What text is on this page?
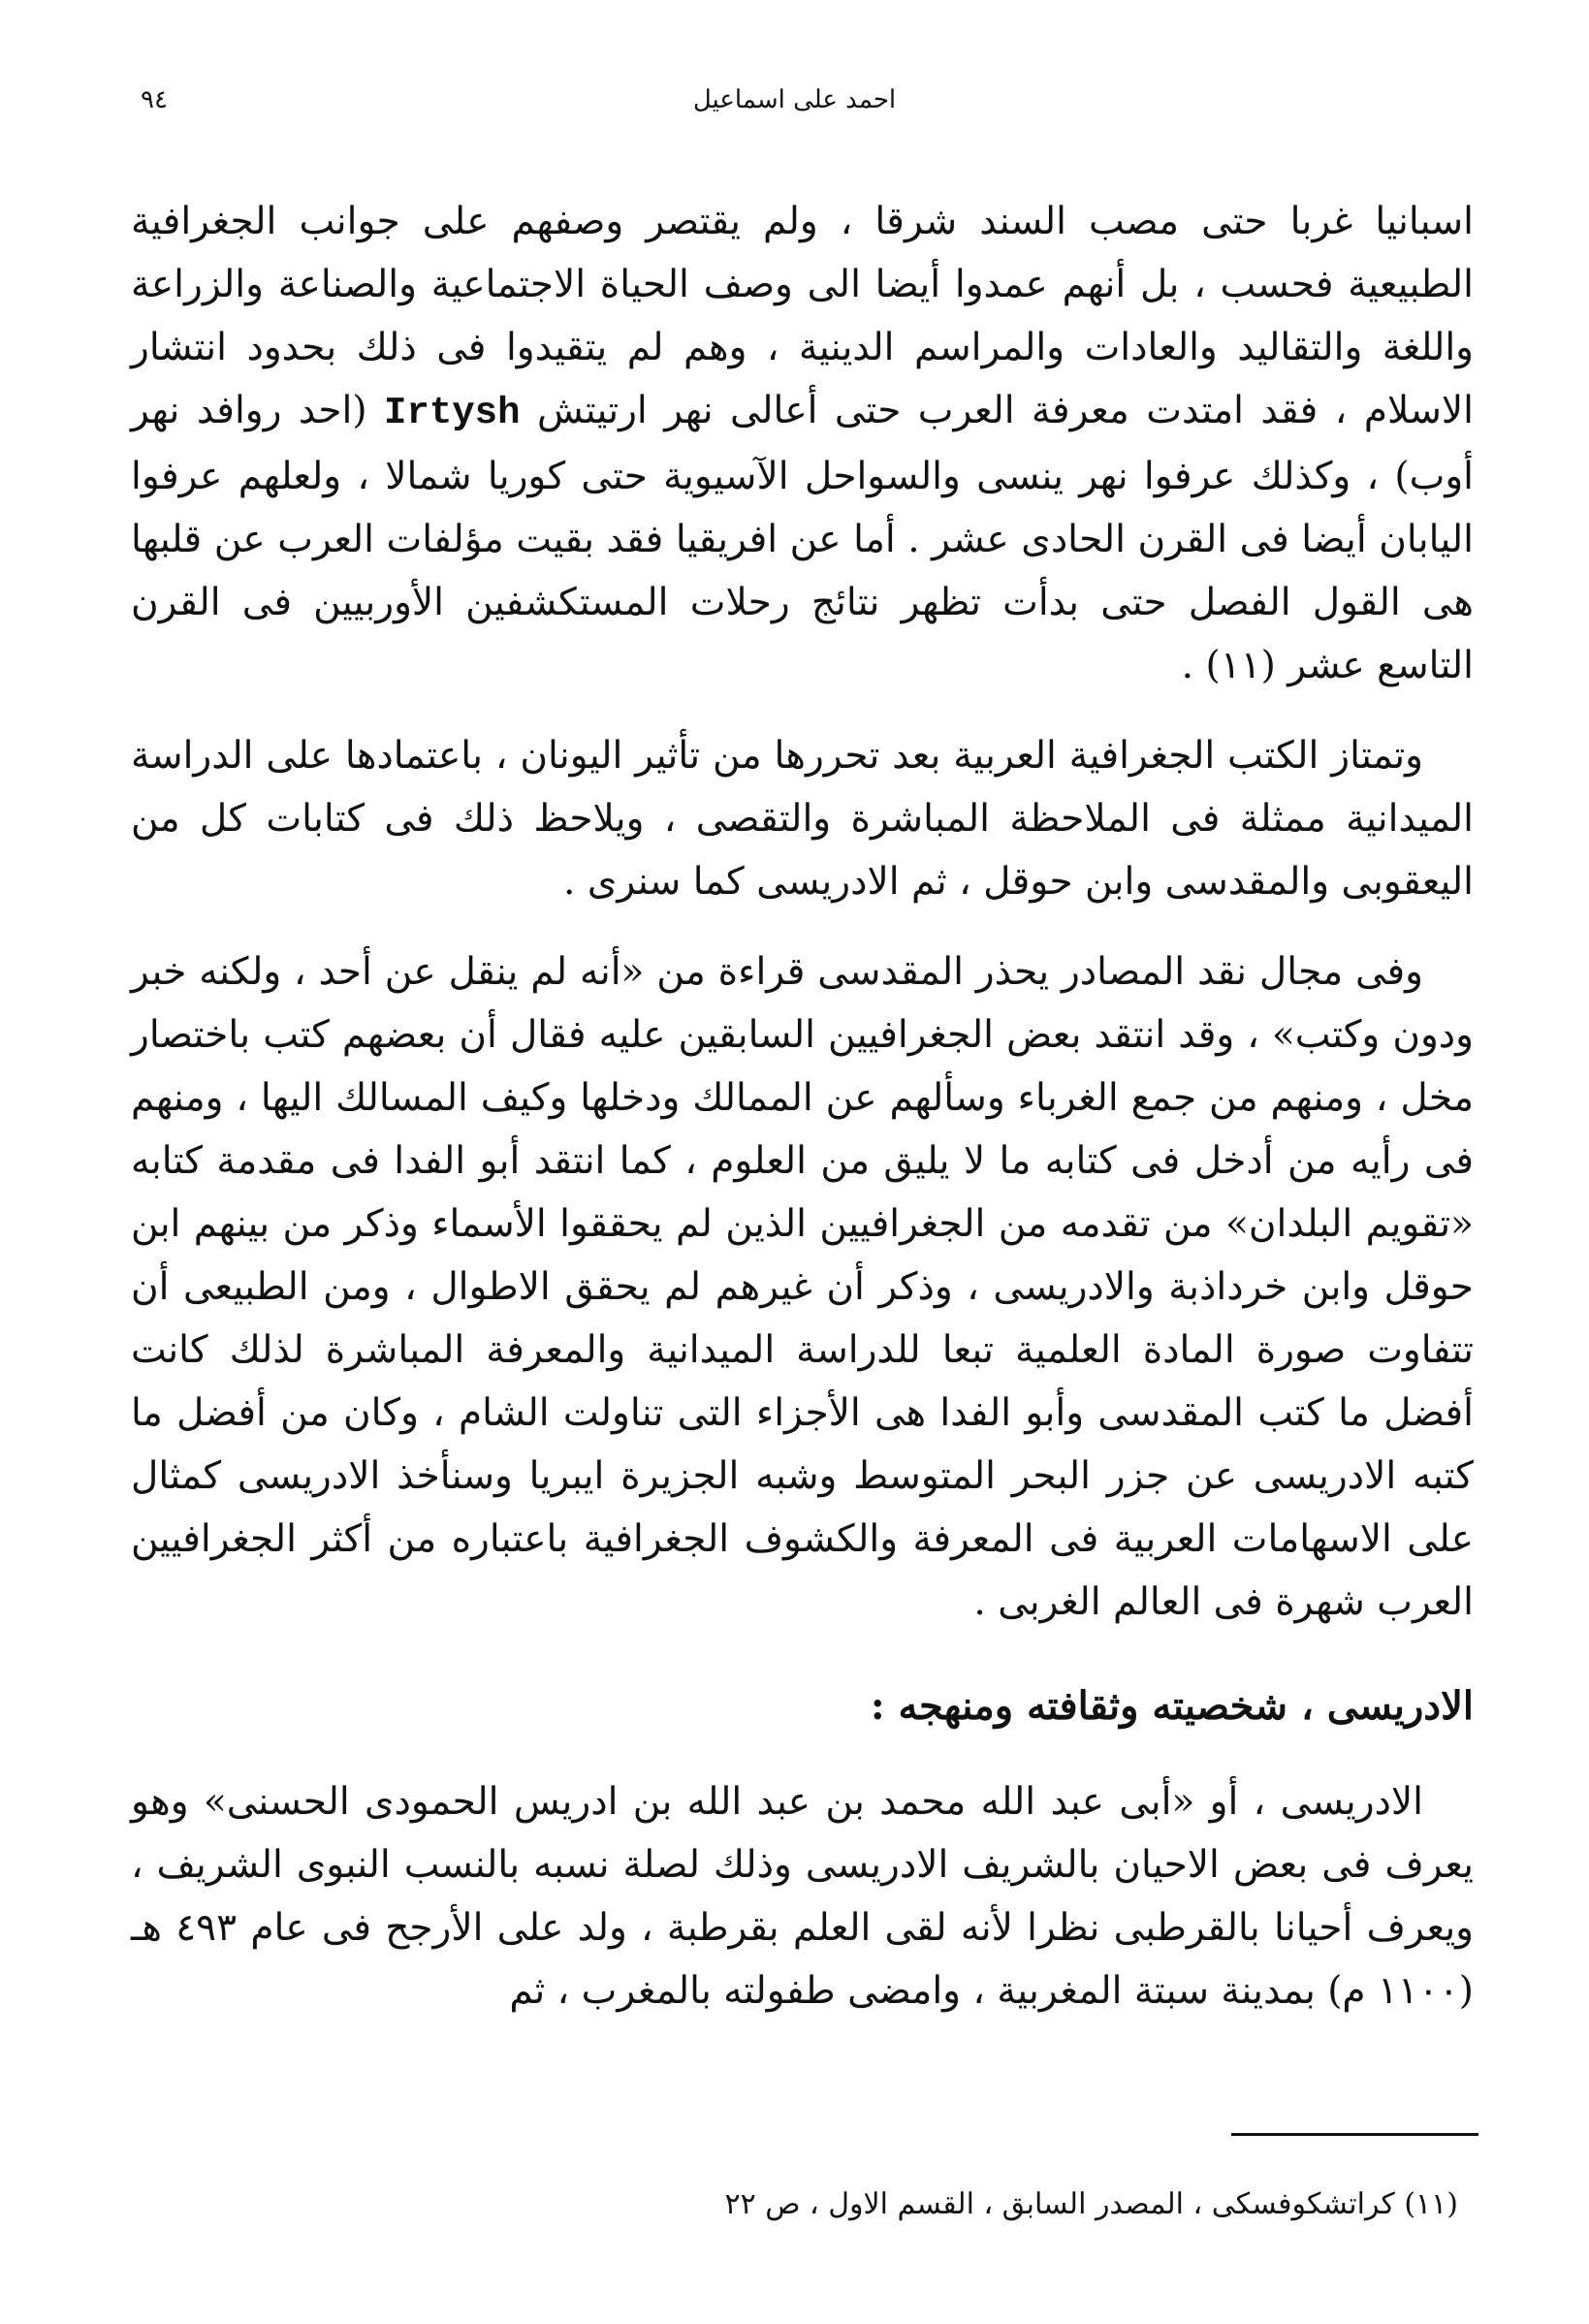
٩٤	احمد على اسماعيل

اسبانيا غربا حتى مصب السند شرقا ، ولم يقتصر وصفهم على جوانب الجغرافية الطبيعية فحسب ، بل أنهم عمدوا أيضا الى وصف الحياة الاجتماعية والصناعة والزراعة واللغة والتقاليد والعادات والمراسم الدينية ، وهم لم يتقيدوا فى ذلك بحدود انتشار الاسلام ، فقد امتدت معرفة العرب حتى أعالى نهر ارتيتش Irtysh (احد روافد نهر أوب) ، وكذلك عرفوا نهر ينسى والسواحل الآسيوية حتى كوريا شمالا ، ولعلهم عرفوا اليابان أيضا فى القرن الحادى عشر . أما عن افريقيا فقد بقيت مؤلفات العرب عن قلبها هى القول الفصل حتى بدأت تظهر نتائج رحلات المستكشفين الأوربيين فى القرن التاسع عشر (١١) .

وتمتاز الكتب الجغرافية العربية بعد تحررها من تأثير اليونان ، باعتمادها على الدراسة الميدانية ممثلة فى الملاحظة المباشرة والتقصى ، ويلاحظ ذلك فى كتابات كل من اليعقوبى والمقدسى وابن حوقل ، ثم الادريسى كما سنرى .

وفى مجال نقد المصادر يحذر المقدسى قراءة من «أنه لم ينقل عن أحد ، ولكنه خبر ودون وكتب» ، وقد انتقد بعض الجغرافيين السابقين عليه فقال أن بعضهم كتب باختصار مخل ، ومنهم من جمع الغرباء وسألهم عن الممالك ودخلها وكيف المسالك اليها ، ومنهم فى رأيه من أدخل فى كتابه ما لا يليق من العلوم ، كما انتقد أبو الفدا فى مقدمة كتابه «تقويم البلدان» من تقدمه من الجغرافيين الذين لم يحققوا الأسماء وذكر من بينهم ابن حوقل وابن خرداذبة والادريسى ، وذكر أن غيرهم لم يحقق الاطوال ، ومن الطبيعى أن تتفاوت صورة المادة العلمية تبعا للدراسة الميدانية والمعرفة المباشرة لذلك كانت أفضل ما كتب المقدسى وأبو الفدا هى الأجزاء التى تناولت الشام ، وكان من أفضل ما كتبه الادريسى عن جزر البحر المتوسط وشبه الجزيرة ايبريا وسنأخذ الادريسى كمثال على الاسهامات العربية فى المعرفة والكشوف الجغرافية باعتباره من أكثر الجغرافيين العرب شهرة فى العالم الغربى .

الادريسى ، شخصيته وثقافته ومنهجه :

الادريسى ، أو «أبى عبد الله محمد بن عبد الله بن ادريس الحمودى الحسنى» وهو يعرف فى بعض الاحيان بالشريف الادريسى وذلك لصلة نسبه بالنسب النبوى الشريف ، ويعرف أحيانا بالقرطبى نظرا لأنه لقى العلم بقرطبة ، ولد على الأرجح فى عام ٤٩٣ هـ (١١٠٠ م) بمدينة سبتة المغربية ، وامضى طفولته بالمغرب ، ثم

(١١) كراتشكوفسكى ، المصدر السابق ، القسم الاول ، ص ٢٢
